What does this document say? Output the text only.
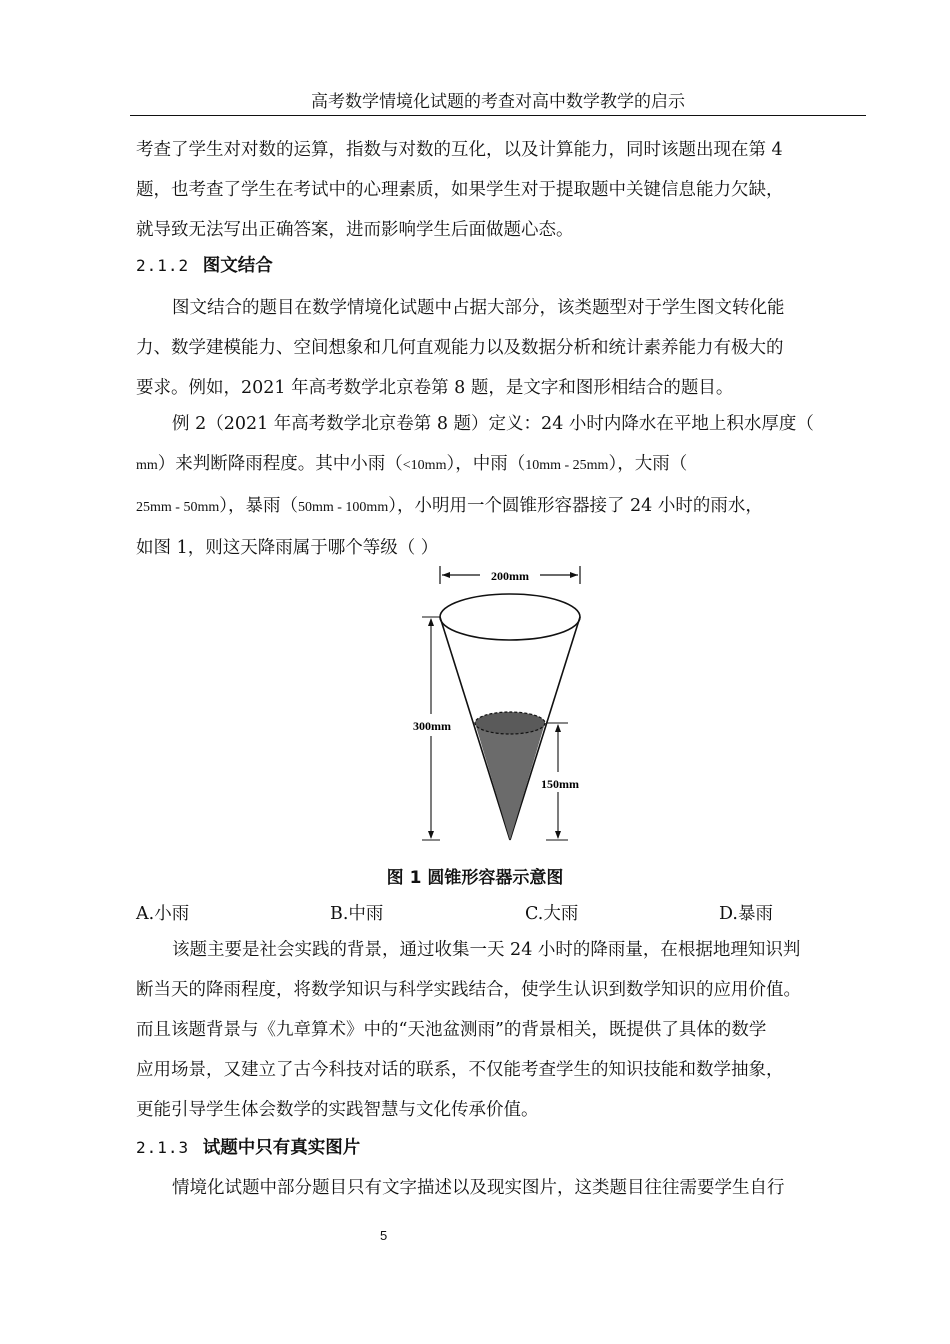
高考数学情境化试题的考查对高中数学教学的启示
考查了学生对对数的运算，指数与对数的互化，以及计算能力，同时该题出现在第 4
题，也考查了学生在考试中的心理素质，如果学生对于提取题中关键信息能力欠缺，
就导致无法写出正确答案，进而影响学生后面做题心态。
2.1.2 图文结合
图文结合的题目在数学情境化试题中占据大部分，该类题型对于学生图文转化能
力、数学建模能力、空间想象和几何直观能力以及数据分析和统计素养能力有极大的
要求。例如，2021 年高考数学北京卷第 8 题，是文字和图形相结合的题目。
例 2（2021 年高考数学北京卷第 8 题）定义：24 小时内降水在平地上积水厚度（
mm）来判断降雨程度。其中小雨（<10mm），中雨（10mm - 25mm），大雨（
25mm - 50mm），暴雨（50mm - 100mm），小明用一个圆锥形容器接了 24 小时的雨水，
如图 1，则这天降雨属于哪个等级（ ）
200mm
300mm
150mm
图 1 圆锥形容器示意图
A.小雨	B.中雨	C.大雨	D.暴雨
该题主要是社会实践的背景，通过收集一天 24 小时的降雨量，在根据地理知识判
断当天的降雨程度，将数学知识与科学实践结合，使学生认识到数学知识的应用价值。
而且该题背景与《九章算术》中的“天池盆测雨”的背景相关，既提供了具体的数学
应用场景，又建立了古今科技对话的联系，不仅能考查学生的知识技能和数学抽象，
更能引导学生体会数学的实践智慧与文化传承价值。
2.1.3 试题中只有真实图片
情境化试题中部分题目只有文字描述以及现实图片，这类题目往往需要学生自行
5
